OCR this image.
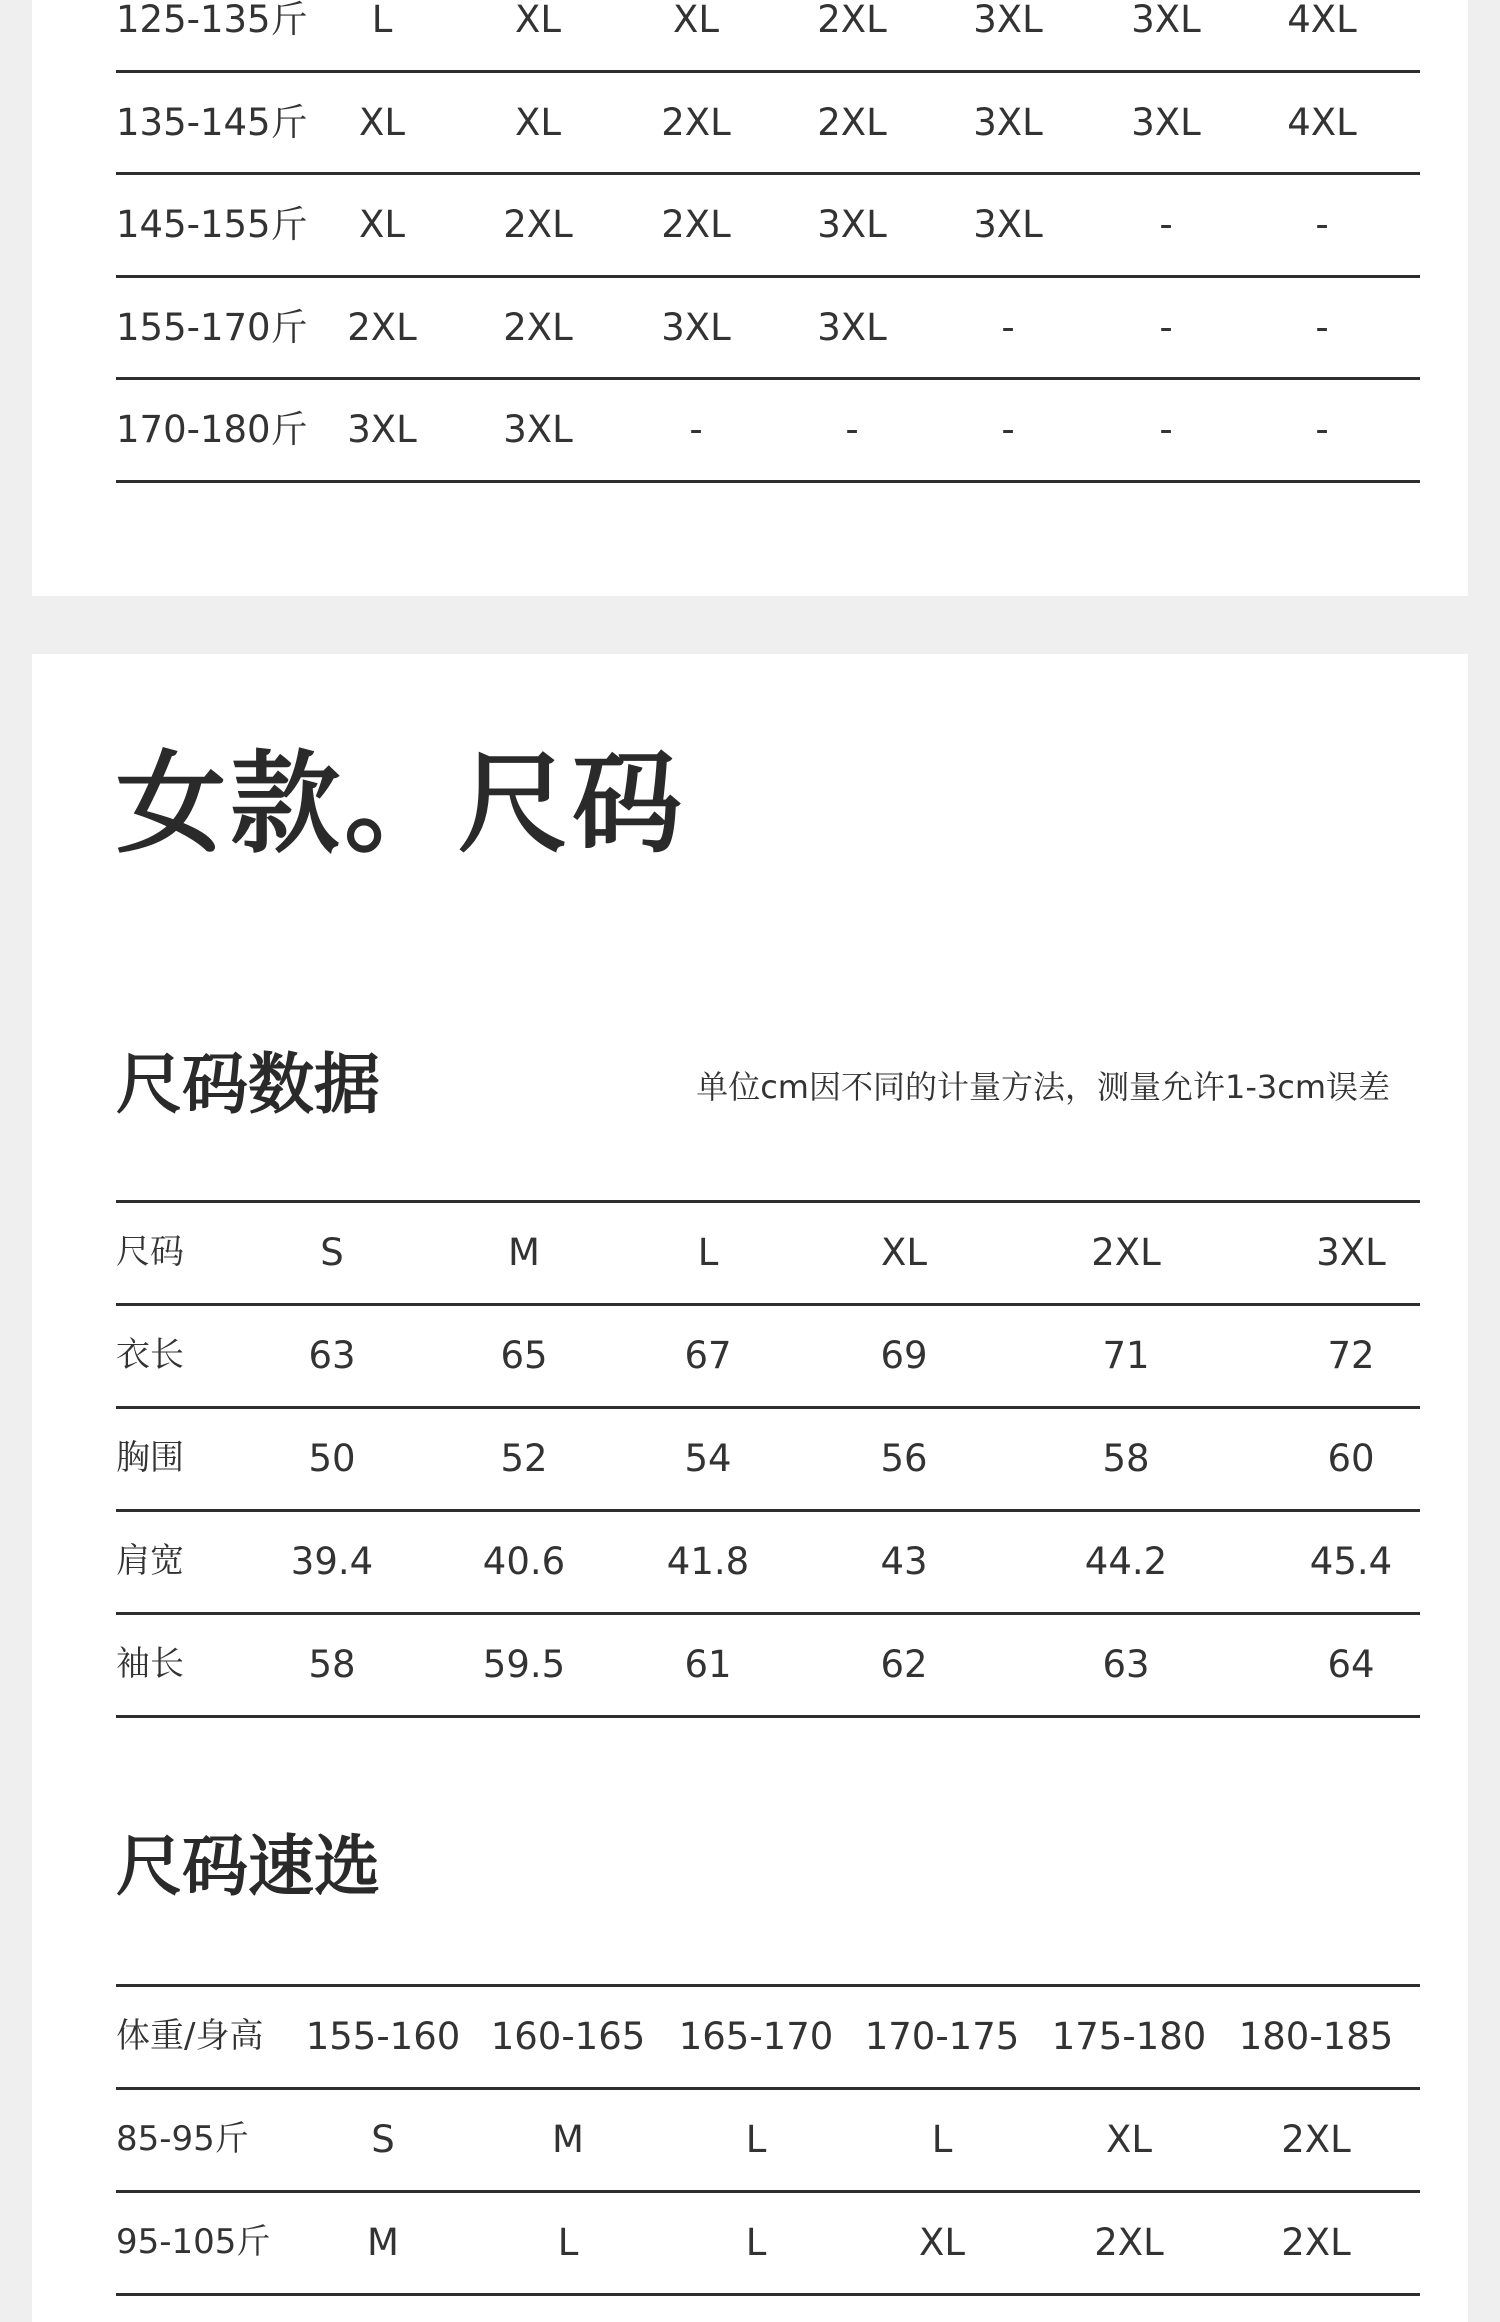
125-135斤 L	XL	XL	2XL 3XL 3XL 4XL
135-145斤 XL	XL	2XL 2XL 3XL 3XL 4XL
145-155斤 XL	2XL 2XL 3XL 3XL	-	-
155-170斤 2XL 2XL 3XL 3XL	-	-	-
170-180斤 3XL 3XL	-	-	-	-	-
女款。尺码
尺码数据	单位cm因不同的计量方法，测量允许1-3cm误差
尺码	S	M	L	XL	2XL	3XL
衣长	63	65	67	69	71	72
胸围	50	52	54	56	58	60
肩宽	39.4	40.6	41.8	43	44.2	45.4
袖长	58	59.5	61	62	63	64
尺码速选
体重/身高 155-160 160-165 165-170 170-175 175-180 180-185
85-95斤	S	M	L	L	XL	2XL
95-105斤	M	L	L	XL	2XL	2XL
